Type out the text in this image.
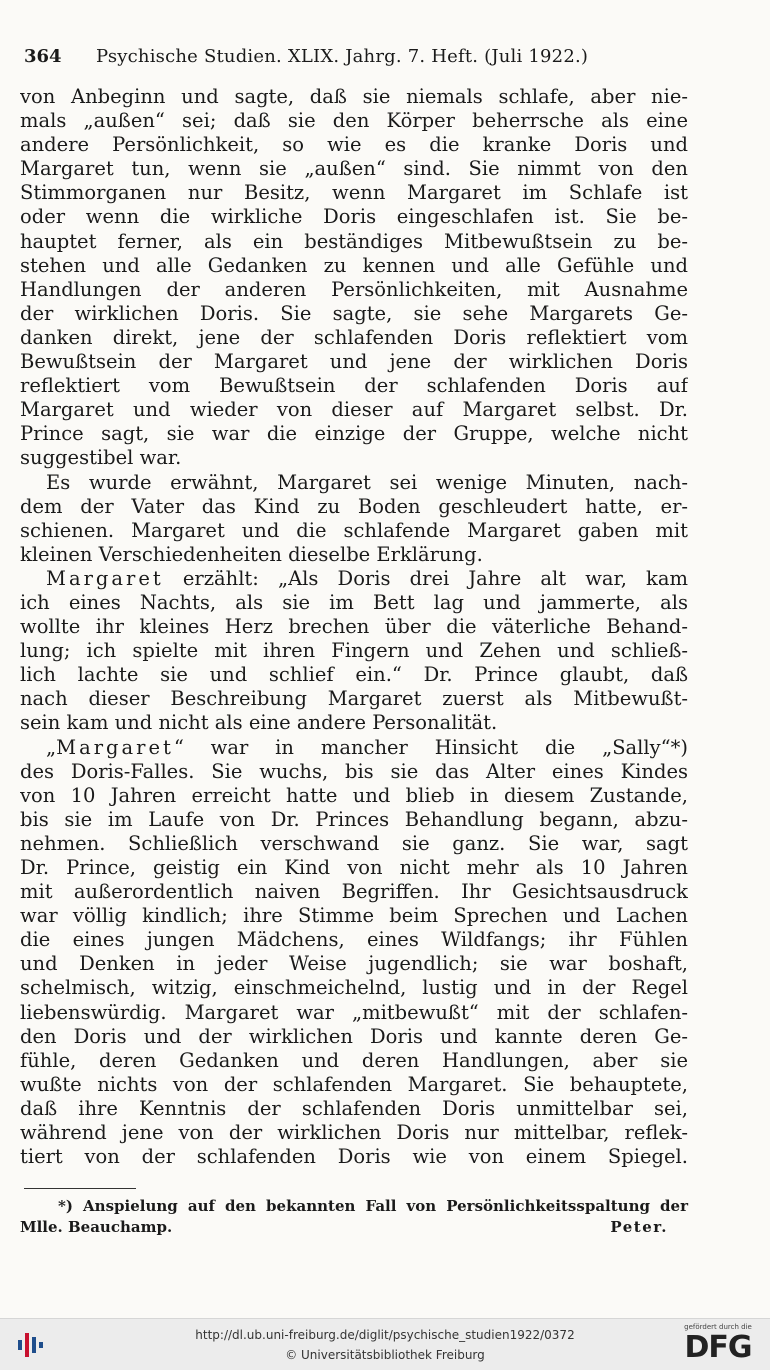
364 Psychische Studien. XLIX. Jahrg. 7. Heft. (Juli 1922.)
von Anbeginn und sagte, daß sie niemals schlafe, aber nie-
mals „außen“ sei; daß sie den Körper beherrsche als eine
andere Persönlichkeit, so wie es die kranke Doris und
Margaret tun, wenn sie „außen“ sind. Sie nimmt von den
Stimmorganen nur Besitz, wenn Margaret im Schlafe ist
oder wenn die wirkliche Doris eingeschlafen ist. Sie be-
hauptet ferner, als ein beständiges Mitbewußtsein zu be-
stehen und alle Gedanken zu kennen und alle Gefühle und
Handlungen der anderen Persönlichkeiten, mit Ausnahme
der wirklichen Doris. Sie sagte, sie sehe Margarets Ge-
danken direkt, jene der schlafenden Doris reflektiert vom
Bewußtsein der Margaret und jene der wirklichen Doris
reflektiert vom Bewußtsein der schlafenden Doris auf
Margaret und wieder von dieser auf Margaret selbst. Dr.
Prince sagt, sie war die einzige der Gruppe, welche nicht
suggestibel war.
Es wurde erwähnt, Margaret sei wenige Minuten, nach-
dem der Vater das Kind zu Boden geschleudert hatte, er-
schienen. Margaret und die schlafende Margaret gaben mit
kleinen Verschiedenheiten dieselbe Erklärung.
Margaret erzählt: „Als Doris drei Jahre alt war, kam
ich eines Nachts, als sie im Bett lag und jammerte, als
wollte ihr kleines Herz brechen über die väterliche Behand-
lung; ich spielte mit ihren Fingern und Zehen und schließ-
lich lachte sie und schlief ein.“ Dr. Prince glaubt, daß
nach dieser Beschreibung Margaret zuerst als Mitbewußt-
sein kam und nicht als eine andere Personalität.
„Margaret“ war in mancher Hinsicht die „Sally“*)
des Doris-Falles. Sie wuchs, bis sie das Alter eines Kindes
von 10 Jahren erreicht hatte und blieb in diesem Zustande,
bis sie im Laufe von Dr. Princes Behandlung begann, abzu-
nehmen. Schließlich verschwand sie ganz. Sie war, sagt
Dr. Prince, geistig ein Kind von nicht mehr als 10 Jahren
mit außerordentlich naiven Begriffen. Ihr Gesichtsausdruck
war völlig kindlich; ihre Stimme beim Sprechen und Lachen
die eines jungen Mädchens, eines Wildfangs; ihr Fühlen
und Denken in jeder Weise jugendlich; sie war boshaft,
schelmisch, witzig, einschmeichelnd, lustig und in der Regel
liebenswürdig. Margaret war „mitbewußt“ mit der schlafen-
den Doris und der wirklichen Doris und kannte deren Ge-
fühle, deren Gedanken und deren Handlungen, aber sie
wußte nichts von der schlafenden Margaret. Sie behauptete,
daß ihre Kenntnis der schlafenden Doris unmittelbar sei,
während jene von der wirklichen Doris nur mittelbar, reflek-
tiert von der schlafenden Doris wie von einem Spiegel.
*) Anspielung auf den bekannten Fall von Persönlichkeitsspaltung der
Mlle. Beauchamp.	Peter.
http://dl.ub.uni-freiburg.de/diglit/psychische_studien1922/0372
© Universitätsbibliothek Freiburg
gefördert durch die
DFG
